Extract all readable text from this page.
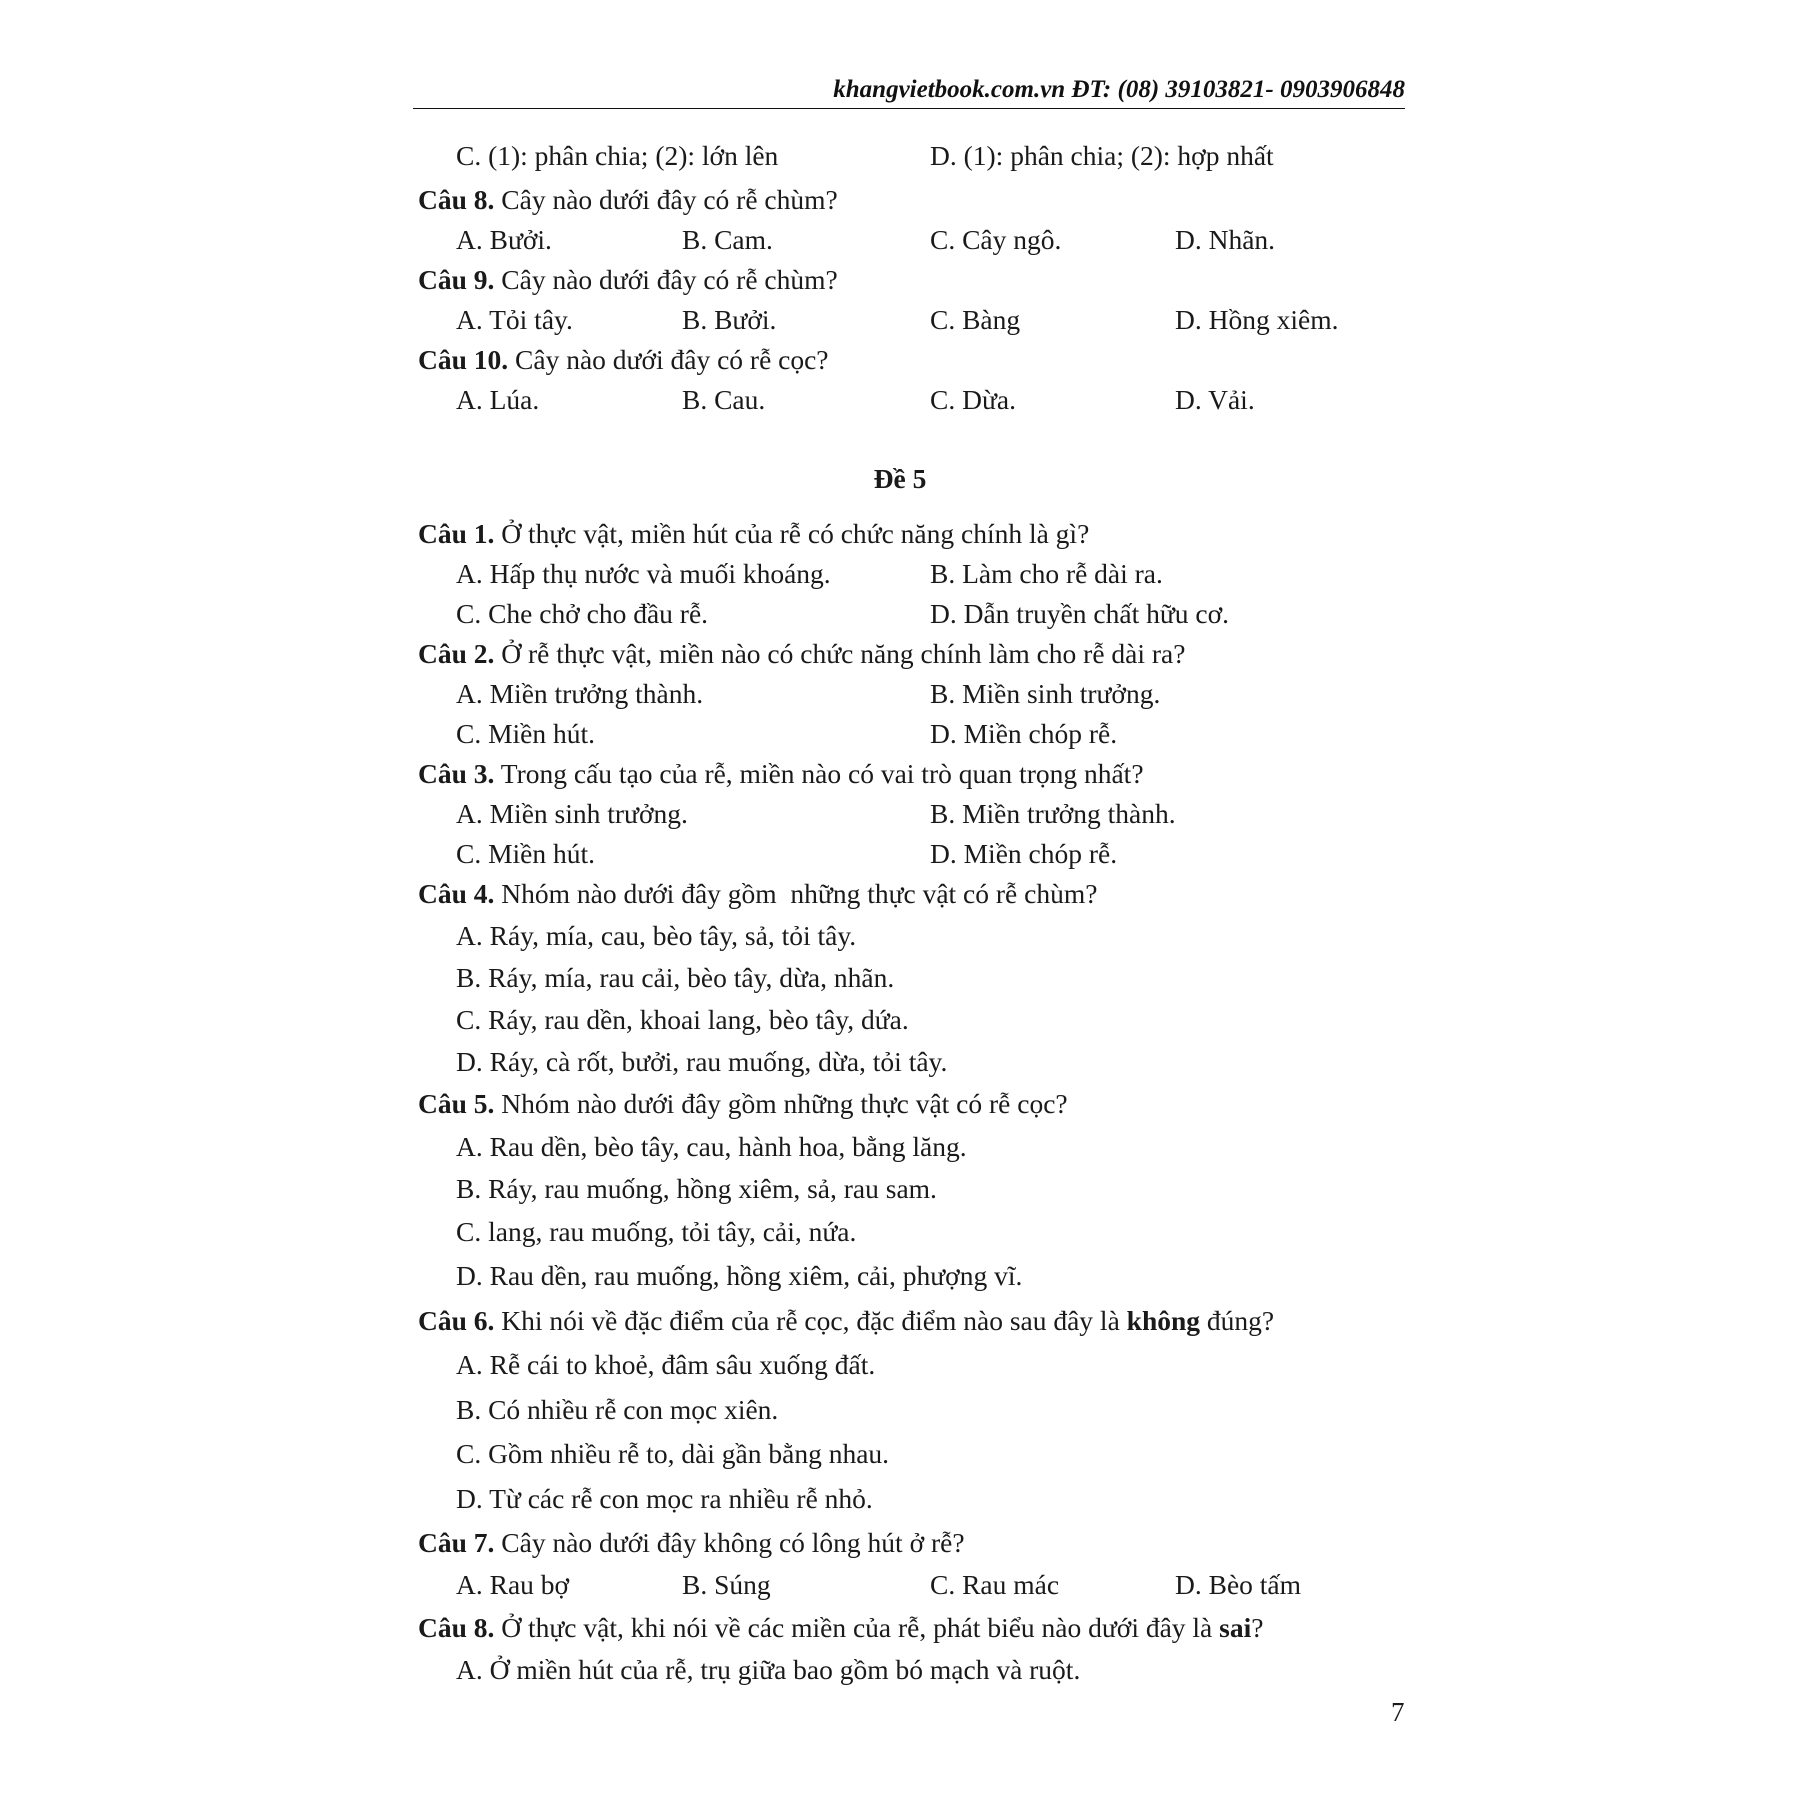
khangvietbook.com.vn ĐT: (08) 39103821- 0903906848
C. (1): phân chia; (2): lớn lên	D. (1): phân chia; (2): hợp nhất
Câu 8. Cây nào dưới đây có rễ chùm?
A. Bưởi.	B. Cam.	C. Cây ngô.	D. Nhãn.
Câu 9. Cây nào dưới đây có rễ chùm?
A. Tỏi tây.	B. Bưởi.	C. Bàng	D. Hồng xiêm.
Câu 10. Cây nào dưới đây có rễ cọc?
A. Lúa.	B. Cau.	C. Dừa.	D. Vải.
Đề 5
Câu 1. Ở thực vật, miền hút của rễ có chức năng chính là gì?
A. Hấp thụ nước và muối khoáng.	B. Làm cho rễ dài ra.
C. Che chở cho đầu rễ.	D. Dẫn truyền chất hữu cơ.
Câu 2. Ở rễ thực vật, miền nào có chức năng chính làm cho rễ dài ra?
A. Miền trưởng thành.	B. Miền sinh trưởng.
C. Miền hút.	D. Miền chóp rễ.
Câu 3. Trong cấu tạo của rễ, miền nào có vai trò quan trọng nhất?
A. Miền sinh trưởng.	B. Miền trưởng thành.
C. Miền hút.	D. Miền chóp rễ.
Câu 4. Nhóm nào dưới đây gồm  những thực vật có rễ chùm?
A. Ráy, mía, cau, bèo tây, sả, tỏi tây.
B. Ráy, mía, rau cải, bèo tây, dừa, nhãn.
C. Ráy, rau dền, khoai lang, bèo tây, dứa.
D. Ráy, cà rốt, bưởi, rau muống, dừa, tỏi tây.
Câu 5. Nhóm nào dưới đây gồm những thực vật có rễ cọc?
A. Rau dền, bèo tây, cau, hành hoa, bằng lăng.
B. Ráy, rau muống, hồng xiêm, sả, rau sam.
C. lang, rau muống, tỏi tây, cải, nứa.
D. Rau dền, rau muống, hồng xiêm, cải, phượng vĩ.
Câu 6. Khi nói về đặc điểm của rễ cọc, đặc điểm nào sau đây là không đúng?
A. Rễ cái to khoẻ, đâm sâu xuống đất.
B. Có nhiều rễ con mọc xiên.
C. Gồm nhiều rễ to, dài gần bằng nhau.
D. Từ các rễ con mọc ra nhiều rễ nhỏ.
Câu 7. Cây nào dưới đây không có lông hút ở rễ?
A. Rau bợ	B. Súng	C. Rau mác	D. Bèo tấm
Câu 8. Ở thực vật, khi nói về các miền của rễ, phát biểu nào dưới đây là sai?
A. Ở miền hút của rễ, trụ giữa bao gồm bó mạch và ruột.
7
